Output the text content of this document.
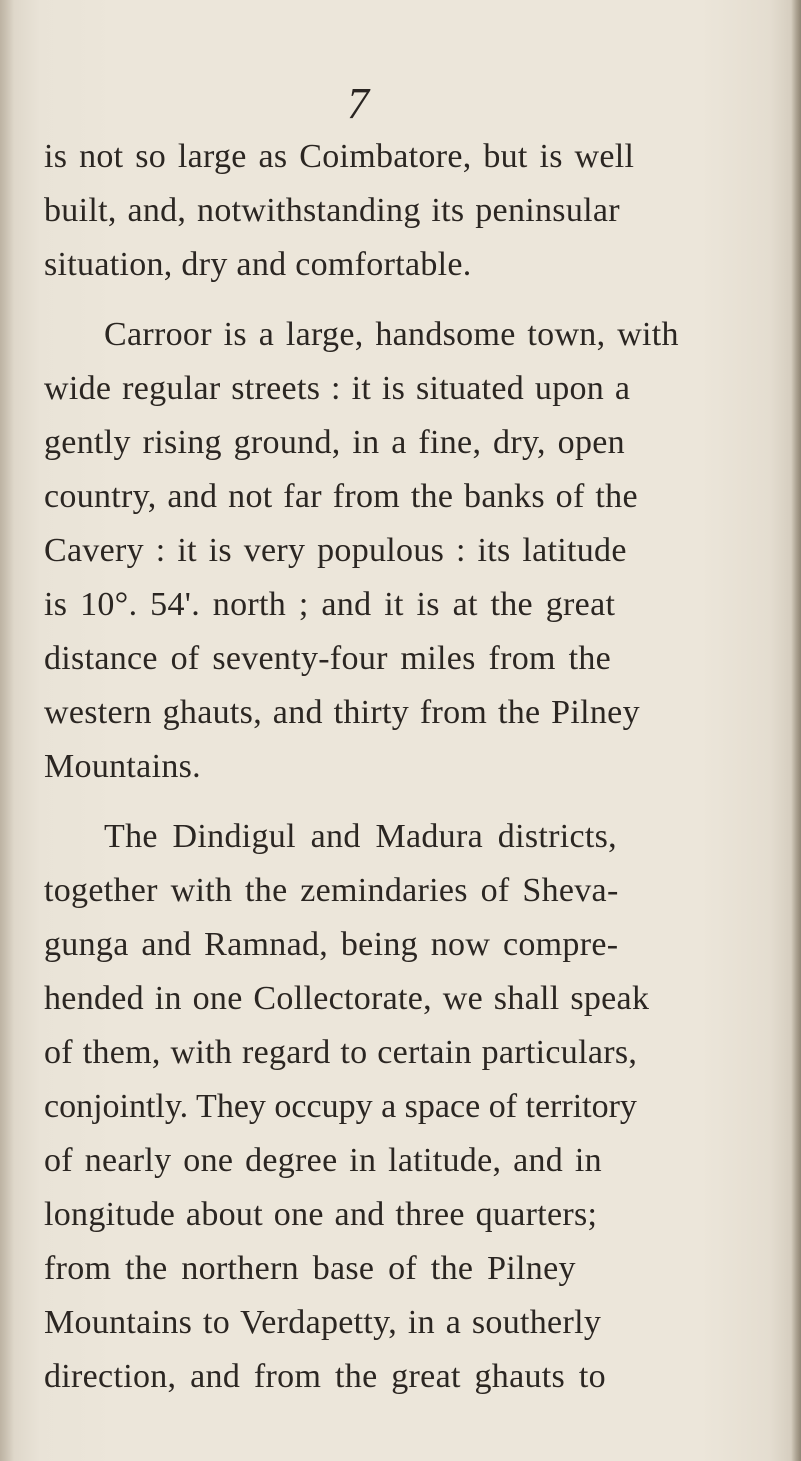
7
is not so large as Coimbatore, but is well
built, and, notwithstanding its peninsular
situation, dry and comfortable.
Carroor is a large, handsome town, with
wide regular streets : it is situated upon a
gently rising ground, in a fine, dry, open
country, and not far from the banks of the
Cavery : it is very populous : its latitude
is 10°. 54'. north ; and it is at the great
distance of seventy-four miles from the
western ghauts, and thirty from the Pilney
Mountains.
The Dindigul and Madura districts,
together with the zemindaries of Sheva-
gunga and Ramnad, being now compre-
hended in one Collectorate, we shall speak
of them, with regard to certain particulars,
conjointly. They occupy a space of territory
of nearly one degree in latitude, and in
longitude about one and three quarters;
from the northern base of the Pilney
Mountains to Verdapetty, in a southerly
direction, and from the great ghauts to
